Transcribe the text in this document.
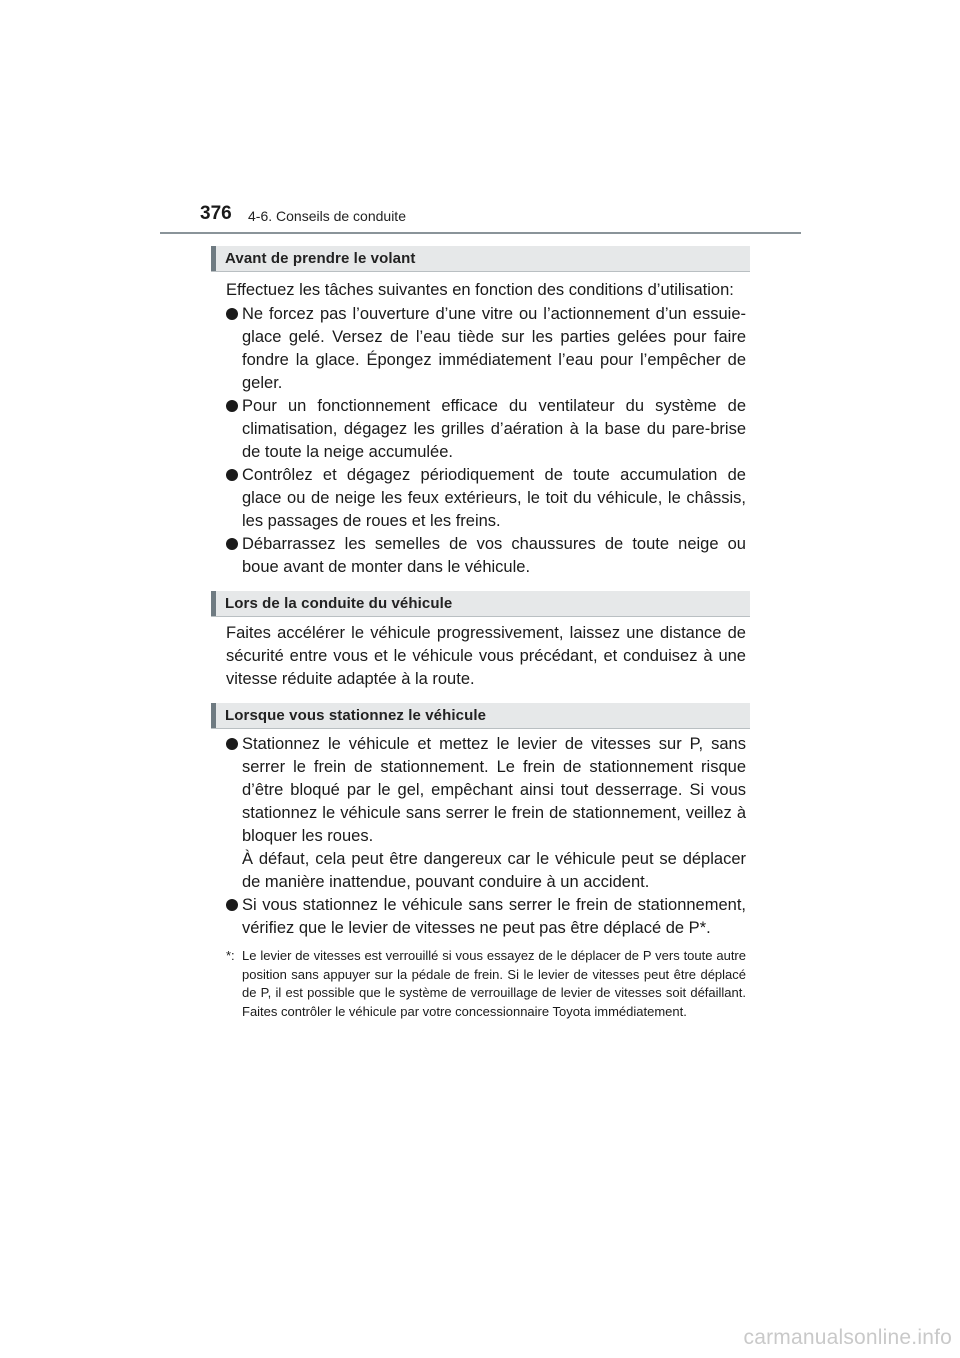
376 4-6. Conseils de conduite
Avant de prendre le volant
Effectuez les tâches suivantes en fonction des conditions d’utilisation:

Ne forcez pas l’ouverture d’une vitre ou l’actionnement d’un essuie-glace gelé. Versez de l’eau tiède sur les parties gelées pour faire fondre la glace. Épongez immédiatement l’eau pour l’empêcher de geler.

Pour un fonctionnement efficace du ventilateur du système de climatisation, dégagez les grilles d’aération à la base du pare-brise de toute la neige accumulée.

Contrôlez et dégagez périodiquement de toute accumulation de glace ou de neige les feux extérieurs, le toit du véhicule, le châssis, les passages de roues et les freins.

Débarrassez les semelles de vos chaussures de toute neige ou boue avant de monter dans le véhicule.

Lors de la conduite du véhicule
Faites accélérer le véhicule progressivement, laissez une distance de sécurité entre vous et le véhicule vous précédant, et conduisez à une vitesse réduite adaptée à la route.
Lorsque vous stationnez le véhicule

Stationnez le véhicule et mettez le levier de vitesses sur P, sans serrer le frein de stationnement. Le frein de stationnement risque d’être bloqué par le gel, empêchant ainsi tout desserrage. Si vous stationnez le véhicule sans serrer le frein de stationnement, veillez à bloquer les roues.

À défaut, cela peut être dangereux car le véhicule peut se déplacer de manière inattendue, pouvant conduire à un accident.

Si vous stationnez le véhicule sans serrer le frein de stationnement, vérifiez que le levier de vitesses ne peut pas être déplacé de P*.

*: Le levier de vitesses est verrouillé si vous essayez de le déplacer de P vers toute autre position sans appuyer sur la pédale de frein. Si le levier de vitesses peut être déplacé de P, il est possible que le système de verrouillage de levier de vitesses soit défaillant. Faites contrôler le véhicule par votre concessionnaire Toyota immédiatement.
carmanualsonline.info
